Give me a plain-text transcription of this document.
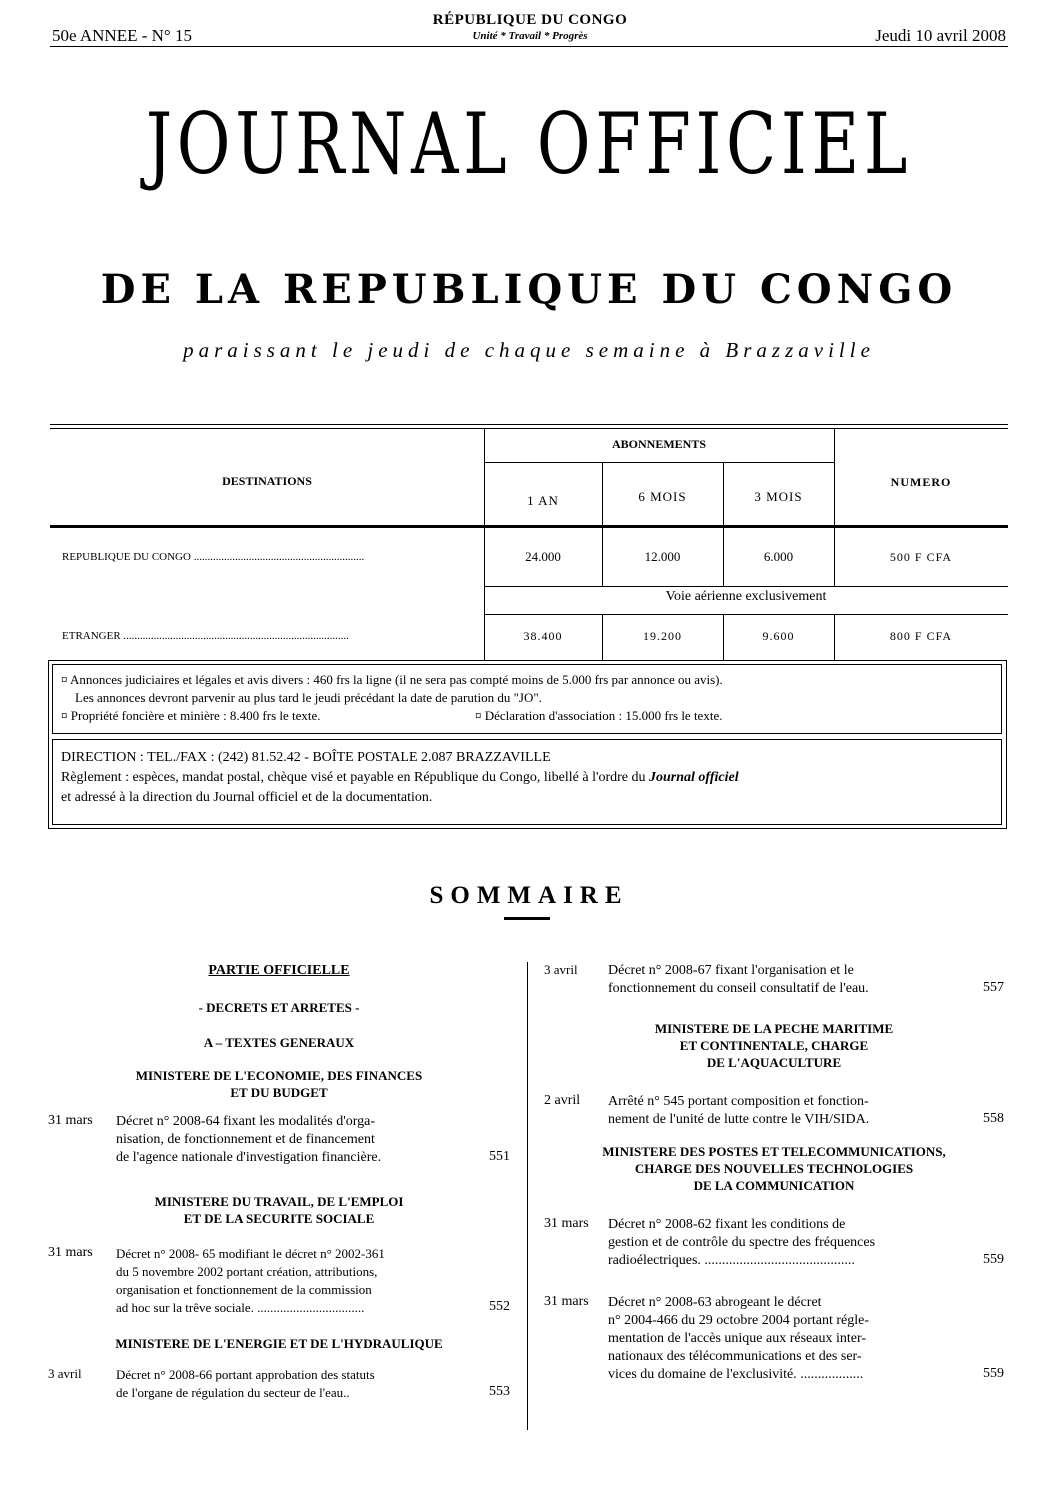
50e ANNEE - N° 15
RÉPUBLIQUE DU CONGO
Unité * Travail * Progrès	Jeudi 10 avril 2008
JOURNAL OFFICIEL
DE LA REPUBLIQUE DU CONGO
paraissant le jeudi de chaque semaine à Brazzaville
DESTINATIONS
ABONNEMENTS
1 AN	6 MOIS	3 MOIS
NUMERO
REPUBLIQUE DU CONGO ..............................................................	24.000	12.000	6.000	500 F CFA
Voie aérienne exclusivement
ETRANGER ..................................................................................	38.400	19.200	9.600	800 F CFA
¤ Annonces judiciaires et légales et avis divers : 460 frs la ligne (il ne sera pas compté moins de 5.000 frs par annonce ou avis).
Les annonces devront parvenir au plus tard le jeudi précédant la date de parution du "JO".
¤ Propriété foncière et minière : 8.400 frs le texte.	¤ Déclaration d'association : 15.000 frs le texte.
DIRECTION : TEL./FAX : (242) 81.52.42 - BOÎTE POSTALE 2.087 BRAZZAVILLE
Règlement : espèces, mandat postal, chèque visé et payable en République du Congo, libellé à l'ordre du Journal officiel
et adressé à la direction du Journal officiel et de la documentation.
SOMMAIRE
PARTIE OFFICIELLE
- DECRETS ET ARRETES -
A – TEXTES GENERAUX
MINISTERE DE L'ECONOMIE, DES FINANCES
ET DU BUDGET
31 mars Décret n° 2008-64 fixant les modalités d'orga-
nisation, de fonctionnement et de financement
de l'agence nationale d'investigation financière.	551
MINISTERE DU TRAVAIL, DE L'EMPLOI
ET DE LA SECURITE SOCIALE
31 mars Décret n° 2008- 65 modifiant le décret n° 2002-361
du 5 novembre 2002 portant création, attributions,
organisation et fonctionnement de la commission
ad hoc sur la trêve sociale. .................................	552
MINISTERE DE L'ENERGIE ET DE L'HYDRAULIQUE
3 avril	Décret n° 2008-66 portant approbation des statuts
de l'organe de régulation du secteur de l'eau..	553
3 avril Décret n° 2008-67 fixant l'organisation et le
fonctionnement du conseil consultatif de l'eau.	557
MINISTERE DE LA PECHE MARITIME
ET CONTINENTALE, CHARGE
DE L'AQUACULTURE
2 avril Arrêté n° 545 portant composition et fonction-
nement de l'unité de lutte contre le VIH/SIDA.	558
MINISTERE DES POSTES ET TELECOMMUNICATIONS,
CHARGE DES NOUVELLES TECHNOLOGIES
DE LA COMMUNICATION
31 mars Décret n° 2008-62 fixant les conditions de
gestion et de contrôle du spectre des fréquences
radioélectriques. ...........................................	559
31 mars Décret n° 2008-63 abrogeant le décret
n° 2004-466 du 29 octobre 2004 portant régle-
mentation de l'accès unique aux réseaux inter-
nationaux des télécommunications et des ser-
vices du domaine de l'exclusivité. ..................	559
